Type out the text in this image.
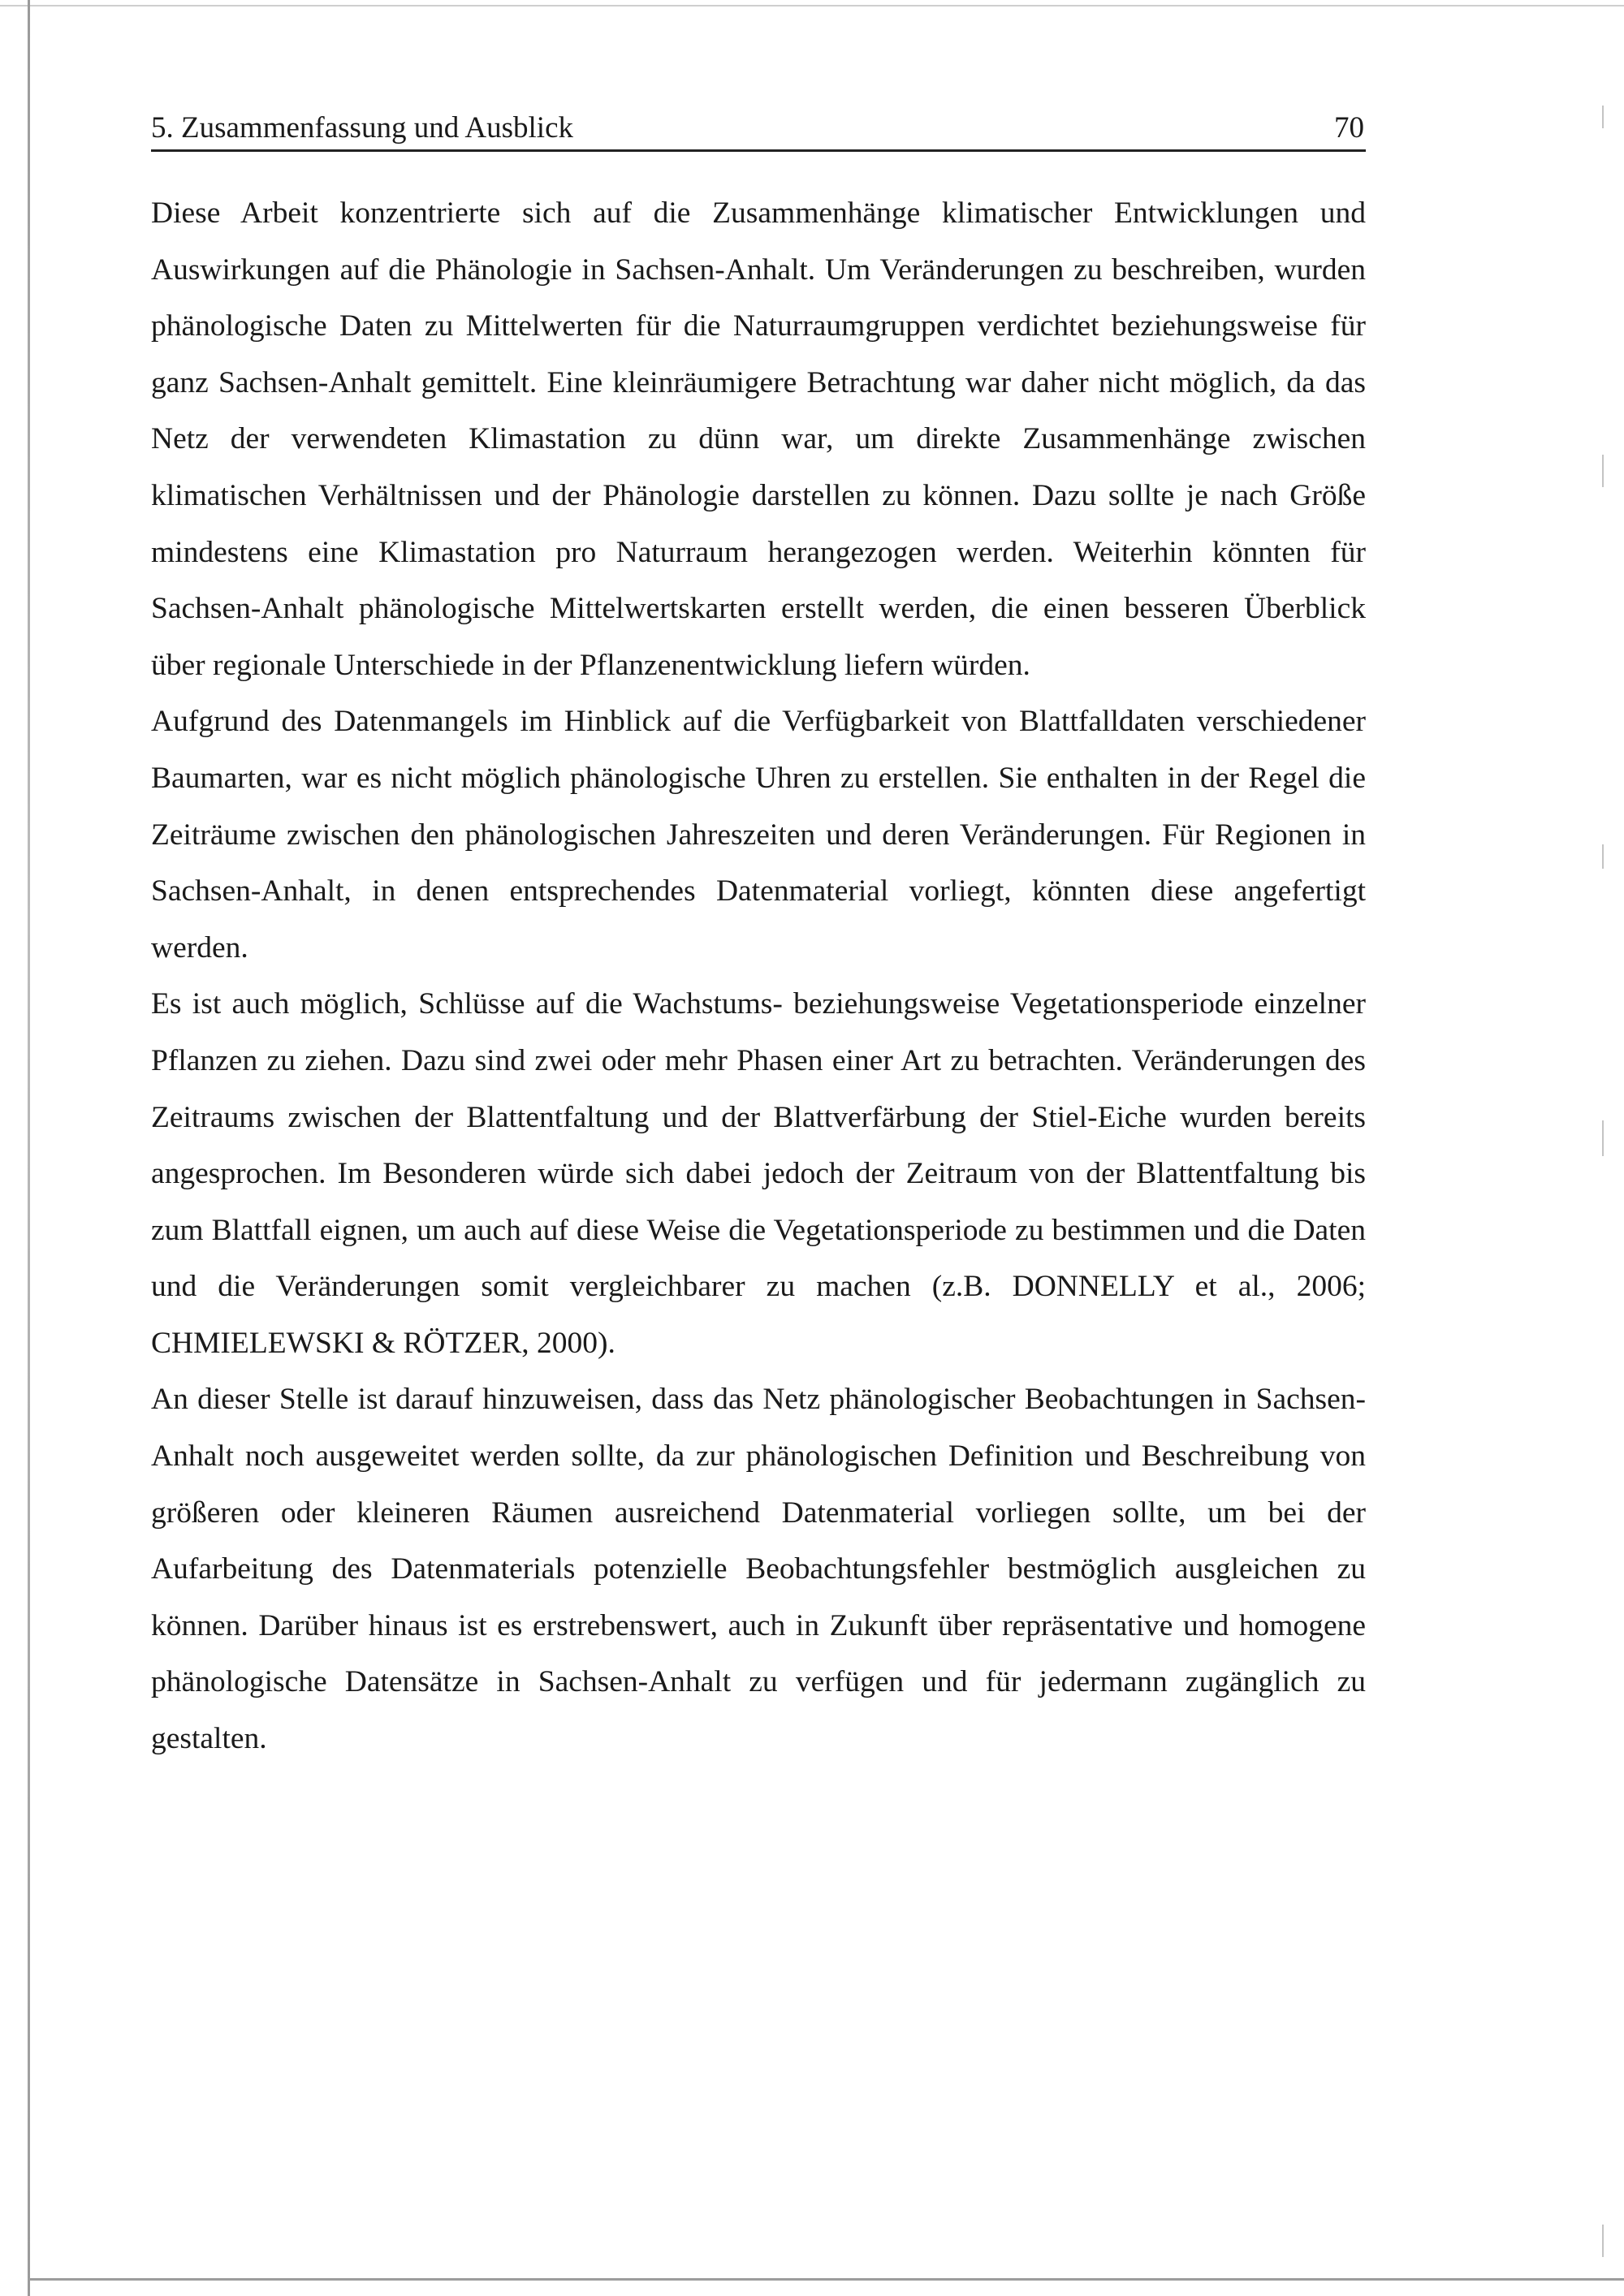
5. Zusammenfassung und Ausblick	70

Diese Arbeit konzentrierte sich auf die Zusammenhänge klimatischer Entwicklungen und Auswirkungen auf die Phänologie in Sachsen-Anhalt. Um Veränderungen zu beschreiben, wurden phänologische Daten zu Mittelwerten für die Naturraumgruppen verdichtet beziehungsweise für ganz Sachsen-Anhalt gemittelt. Eine kleinräumigere Betrachtung war daher nicht möglich, da das Netz der verwendeten Klimastation zu dünn war, um direkte Zusammenhänge zwischen klimatischen Verhältnissen und der Phänologie darstellen zu können. Dazu sollte je nach Größe mindestens eine Klimastation pro Naturraum herangezogen werden. Weiterhin könnten für Sachsen-Anhalt phänologische Mittelwertskarten erstellt werden, die einen besseren Überblick über regionale Unterschiede in der Pflanzenentwicklung liefern würden.

Aufgrund des Datenmangels im Hinblick auf die Verfügbarkeit von Blattfalldaten verschiedener Baumarten, war es nicht möglich phänologische Uhren zu erstellen. Sie enthalten in der Regel die Zeiträume zwischen den phänologischen Jahreszeiten und deren Veränderungen. Für Regionen in Sachsen-Anhalt, in denen entsprechendes Datenmaterial vorliegt, könnten diese angefertigt werden.

Es ist auch möglich, Schlüsse auf die Wachstums- beziehungsweise Vegetationsperiode einzelner Pflanzen zu ziehen. Dazu sind zwei oder mehr Phasen einer Art zu betrachten. Veränderungen des Zeitraums zwischen der Blattentfaltung und der Blattverfärbung der Stiel-Eiche wurden bereits angesprochen. Im Besonderen würde sich dabei jedoch der Zeitraum von der Blattentfaltung bis zum Blattfall eignen, um auch auf diese Weise die Vegetationsperiode zu bestimmen und die Daten und die Veränderungen somit vergleichbarer zu machen (z.B. DONNELLY et al., 2006; CHMIELEWSKI & RÖTZER, 2000).

An dieser Stelle ist darauf hinzuweisen, dass das Netz phänologischer Beobachtungen in Sachsen-Anhalt noch ausgeweitet werden sollte, da zur phänologischen Definition und Beschreibung von größeren oder kleineren Räumen ausreichend Datenmaterial vorliegen sollte, um bei der Aufarbeitung des Datenmaterials potenzielle Beobachtungsfehler bestmöglich ausgleichen zu können. Darüber hinaus ist es erstrebenswert, auch in Zukunft über repräsentative und homogene phänologische Datensätze in Sachsen-Anhalt zu verfügen und für jedermann zugänglich zu gestalten.
